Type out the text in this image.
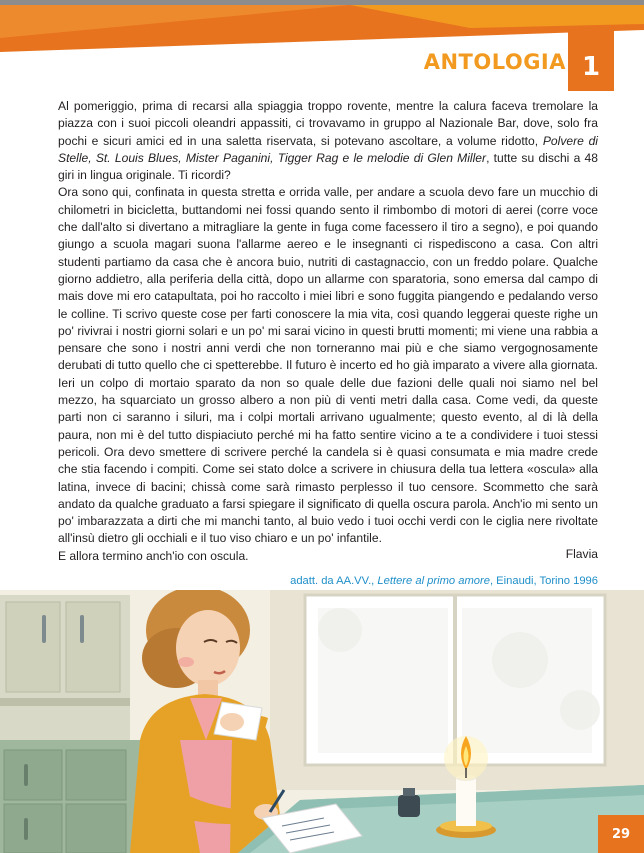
ANTOLOGIA 1

Al pomeriggio, prima di recarsi alla spiaggia troppo rovente, mentre la calura faceva tremolare la piazza con i suoi piccoli oleandri appassiti, ci trovavamo in gruppo al Nazionale Bar, dove, solo fra pochi e sicuri amici ed in una saletta riservata, si potevano ascoltare, a volume ridotto, Polvere di Stelle, St. Louis Blues, Mister Paganini, Tigger Rag e le melodie di Glen Miller, tutte su dischi a 48 giri in lingua originale. Ti ricordi?

Ora sono qui, confinata in questa stretta e orrida valle, per andare a scuola devo fare un mucchio di chilometri in bicicletta, buttandomi nei fossi quando sento il rimbombo di motori di aerei (corre voce che dall'alto si divertano a mitragliare la gente in fuga come facessero il tiro a segno), e poi quando giungo a scuola magari suona l'allarme aereo e le insegnanti ci rispediscono a casa. Con altri studenti partiamo da casa che è ancora buio, nutriti di castagnaccio, con un freddo polare. Qualche giorno addietro, alla periferia della città, dopo un allarme con sparatoria, sono emersa dal campo di mais dove mi ero catapultata, poi ho raccolto i miei libri e sono fuggita piangendo e pedalando verso le colline. Ti scrivo queste cose per farti conoscere la mia vita, così quando leggerai queste righe un po' rivivrai i nostri giorni solari e un po' mi sarai vicino in questi brutti momenti; mi viene una rabbia a pensare che sono i nostri anni verdi che non torneranno mai più e che siamo vergognosamente derubati di tutto quello che ci spetterebbe. Il futuro è incerto ed ho già imparato a vivere alla giornata. Ieri un colpo di mortaio sparato da non so quale delle due fazioni delle quali noi siamo nel bel mezzo, ha squarciato un grosso albero a non più di venti metri dalla casa. Come vedi, da queste parti non ci saranno i siluri, ma i colpi mortali arrivano ugualmente; questo evento, al di là della paura, non mi è del tutto dispiaciuto perché mi ha fatto sentire vicino a te a condividere i tuoi stessi pericoli. Ora devo smettere di scrivere perché la candela si è quasi consumata e mia madre crede che stia facendo i compiti. Come sei stato dolce a scrivere in chiusura della tua lettera «oscula» alla latina, invece di bacini; chissà come sarà rimasto perplesso il tuo censore. Scommetto che sarà andato da qualche graduato a farsi spiegare il significato di quella oscura parola. Anch'io mi sento un po' imbarazzata a dirti che mi manchi tanto, al buio vedo i tuoi occhi verdi con le ciglia nere rivoltate all'insù dietro gli occhiali e il tuo viso chiaro e un po' infantile.

E allora termino anch'io con oscula.	Flavia
adatt. da AA.VV., Lettere al primo amore, Einaudi, Torino 1996
29
